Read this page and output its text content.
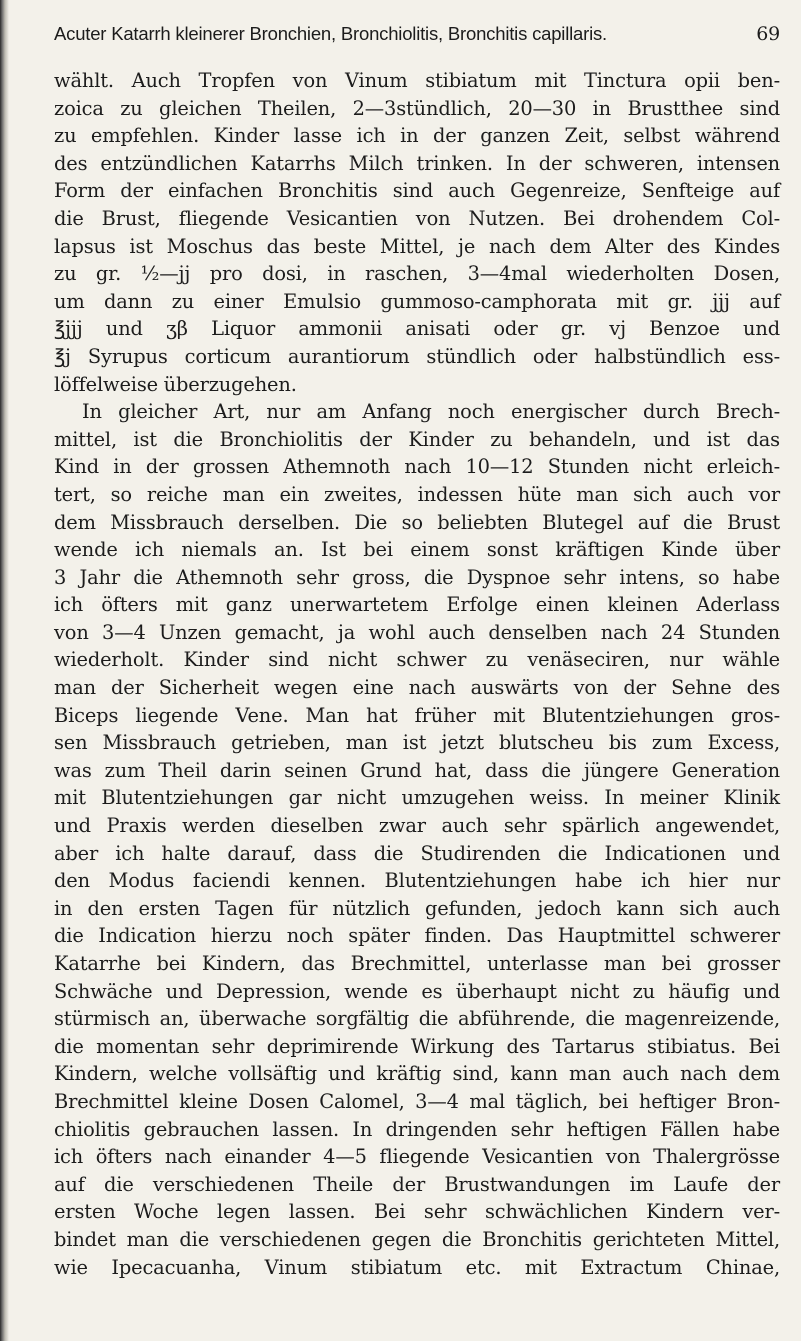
Acuter Katarrh kleinerer Bronchien, Bronchiolitis, Bronchitis capillaris.	69
wählt. Auch Tropfen von Vinum stibiatum mit Tinctura opii ben-
zoica zu gleichen Theilen, 2—3stündlich, 20—30 in Brustthee sind
zu empfehlen. Kinder lasse ich in der ganzen Zeit, selbst während
des entzündlichen Katarrhs Milch trinken. In der schweren, intensen
Form der einfachen Bronchitis sind auch Gegenreize, Senfteige auf
die Brust, fliegende Vesicantien von Nutzen. Bei drohendem Col-
lapsus ist Moschus das beste Mittel, je nach dem Alter des Kindes
zu gr. ½—jj pro dosi, in raschen, 3—4mal wiederholten Dosen,
um dann zu einer Emulsio gummoso-camphorata mit gr. jjj auf
℥jjj und ʒβ Liquor ammonii anisati oder gr. vj Benzoe und
℥j Syrupus corticum aurantiorum stündlich oder halbstündlich ess-
löffelweise überzugehen.
In gleicher Art, nur am Anfang noch energischer durch Brech-
mittel, ist die Bronchiolitis der Kinder zu behandeln, und ist das
Kind in der grossen Athemnoth nach 10—12 Stunden nicht erleich-
tert, so reiche man ein zweites, indessen hüte man sich auch vor
dem Missbrauch derselben. Die so beliebten Blutegel auf die Brust
wende ich niemals an. Ist bei einem sonst kräftigen Kinde über
3 Jahr die Athemnoth sehr gross, die Dyspnoe sehr intens, so habe
ich öfters mit ganz unerwartetem Erfolge einen kleinen Aderlass
von 3—4 Unzen gemacht, ja wohl auch denselben nach 24 Stunden
wiederholt. Kinder sind nicht schwer zu venäseciren, nur wähle
man der Sicherheit wegen eine nach auswärts von der Sehne des
Biceps liegende Vene. Man hat früher mit Blutentziehungen gros-
sen Missbrauch getrieben, man ist jetzt blutscheu bis zum Excess,
was zum Theil darin seinen Grund hat, dass die jüngere Generation
mit Blutentziehungen gar nicht umzugehen weiss. In meiner Klinik
und Praxis werden dieselben zwar auch sehr spärlich angewendet,
aber ich halte darauf, dass die Studirenden die Indicationen und
den Modus faciendi kennen. Blutentziehungen habe ich hier nur
in den ersten Tagen für nützlich gefunden, jedoch kann sich auch
die Indication hierzu noch später finden. Das Hauptmittel schwerer
Katarrhe bei Kindern, das Brechmittel, unterlasse man bei grosser
Schwäche und Depression, wende es überhaupt nicht zu häufig und
stürmisch an, überwache sorgfältig die abführende, die magenreizende,
die momentan sehr deprimirende Wirkung des Tartarus stibiatus. Bei
Kindern, welche vollsäftig und kräftig sind, kann man auch nach dem
Brechmittel kleine Dosen Calomel, 3—4 mal täglich, bei heftiger Bron-
chiolitis gebrauchen lassen. In dringenden sehr heftigen Fällen habe
ich öfters nach einander 4—5 fliegende Vesicantien von Thalergrösse
auf die verschiedenen Theile der Brustwandungen im Laufe der
ersten Woche legen lassen. Bei sehr schwächlichen Kindern ver-
bindet man die verschiedenen gegen die Bronchitis gerichteten Mittel,
wie Ipecacuanha, Vinum stibiatum etc. mit Extractum Chinae,
